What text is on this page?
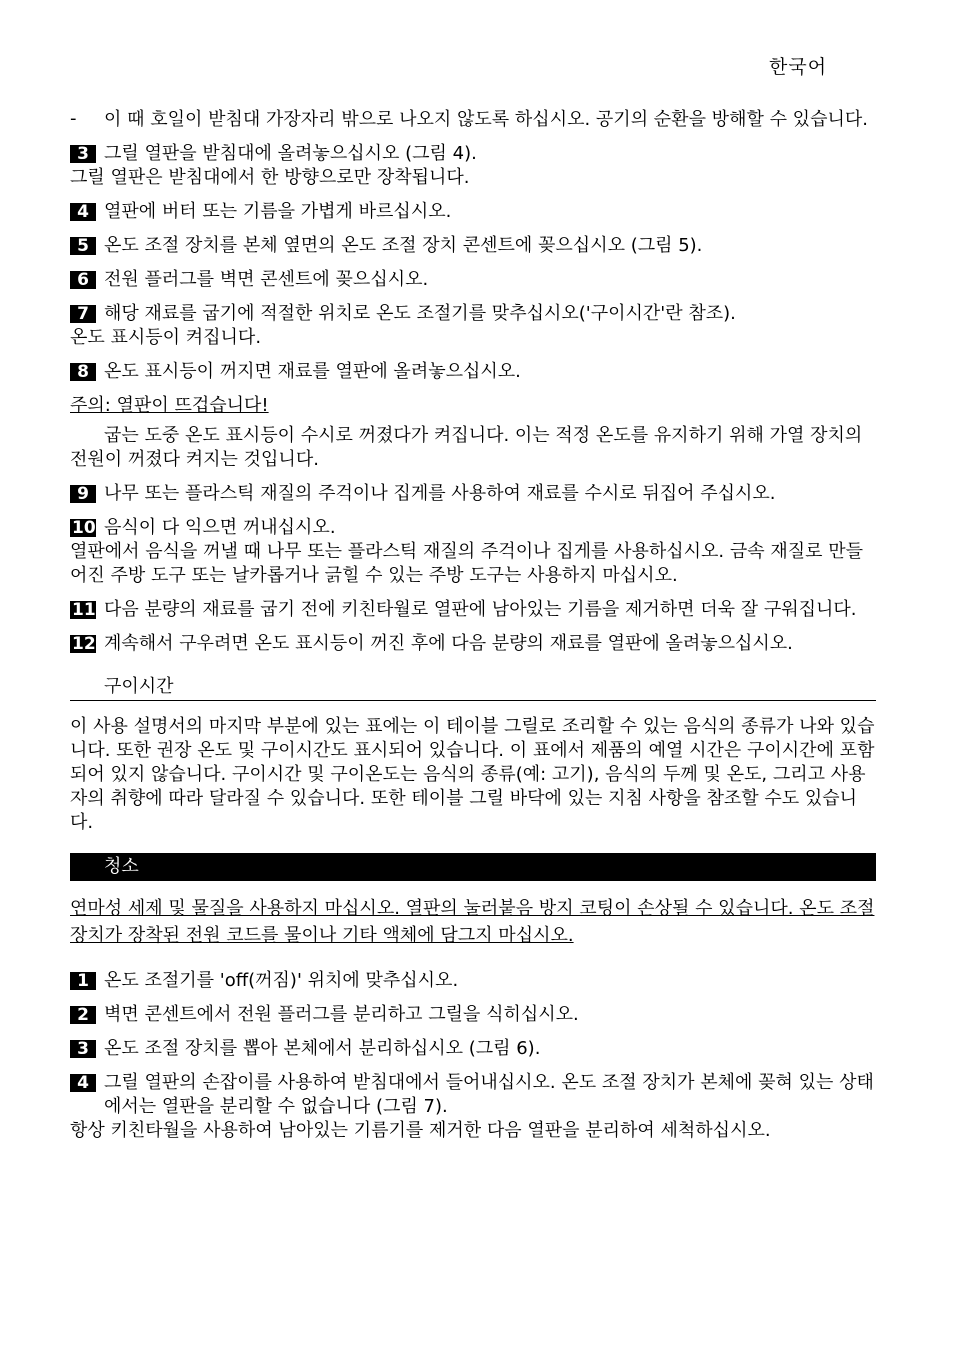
한국어
-	이 때 호일이 받침대 가장자리 밖으로 나오지 않도록 하십시오. 공기의 순환을 방해할 수 있습니다.

3 그릴 열판을 받침대에 올려놓으십시오 (그림 4).

그릴 열판은 받침대에서 한 방향으로만 장착됩니다.

4 열판에 버터 또는 기름을 가볍게 바르십시오.

5 온도 조절 장치를 본체 옆면의 온도 조절 장치 콘센트에 꽂으십시오 (그림 5).

6 전원 플러그를 벽면 콘센트에 꽂으십시오.

7 해당 재료를 굽기에 적절한 위치로 온도 조절기를 맞추십시오('구이시간'란 참조).

온도 표시등이 켜집니다.

8 온도 표시등이 꺼지면 재료를 열판에 올려놓으십시오.

주의: 열판이 뜨겁습니다!

굽는 도중 온도 표시등이 수시로 꺼졌다가 켜집니다. 이는 적정 온도를 유지하기 위해 가열 장치의 전원이 꺼졌다 켜지는 것입니다.

9 나무 또는 플라스틱 재질의 주걱이나 집게를 사용하여 재료를 수시로 뒤집어 주십시오.

10 음식이 다 익으면 꺼내십시오.

열판에서 음식을 꺼낼 때 나무 또는 플라스틱 재질의 주걱이나 집게를 사용하십시오. 금속 재질로 만들어진 주방 도구 또는 날카롭거나 긁힐 수 있는 주방 도구는 사용하지 마십시오.

11 다음 분량의 재료를 굽기 전에 키친타월로 열판에 남아있는 기름을 제거하면 더욱 잘 구워집니다.

12 계속해서 구우려면 온도 표시등이 꺼진 후에 다음 분량의 재료를 열판에 올려놓으십시오.

구이시간

이 사용 설명서의 마지막 부분에 있는 표에는 이 테이블 그릴로 조리할 수 있는 음식의 종류가 나와 있습니다. 또한 권장 온도 및 구이시간도 표시되어 있습니다. 이 표에서 제품의 예열 시간은 구이시간에 포함되어 있지 않습니다. 구이시간 및 구이온도는 음식의 종류(예: 고기), 음식의 두께 및 온도, 그리고 사용자의 취향에 따라 달라질 수 있습니다. 또한 테이블 그릴 바닥에 있는 지침 사항을 참조할 수도 있습니다.

청소

연마성 세제 및 물질을 사용하지 마십시오. 열판의 눌러붙음 방지 코팅이 손상될 수 있습니다. 온도 조절 장치가 장착된 전원 코드를 물이나 기타 액체에 담그지 마십시오.

1 온도 조절기를 'off(꺼짐)' 위치에 맞추십시오.

2 벽면 콘센트에서 전원 플러그를 분리하고 그릴을 식히십시오.

3 온도 조절 장치를 뽑아 본체에서 분리하십시오 (그림 6).

4 그릴 열판의 손잡이를 사용하여 받침대에서 들어내십시오. 온도 조절 장치가 본체에 꽂혀 있는 상태에서는 열판을 분리할 수 없습니다 (그림 7).

항상 키친타월을 사용하여 남아있는 기름기를 제거한 다음 열판을 분리하여 세척하십시오.
